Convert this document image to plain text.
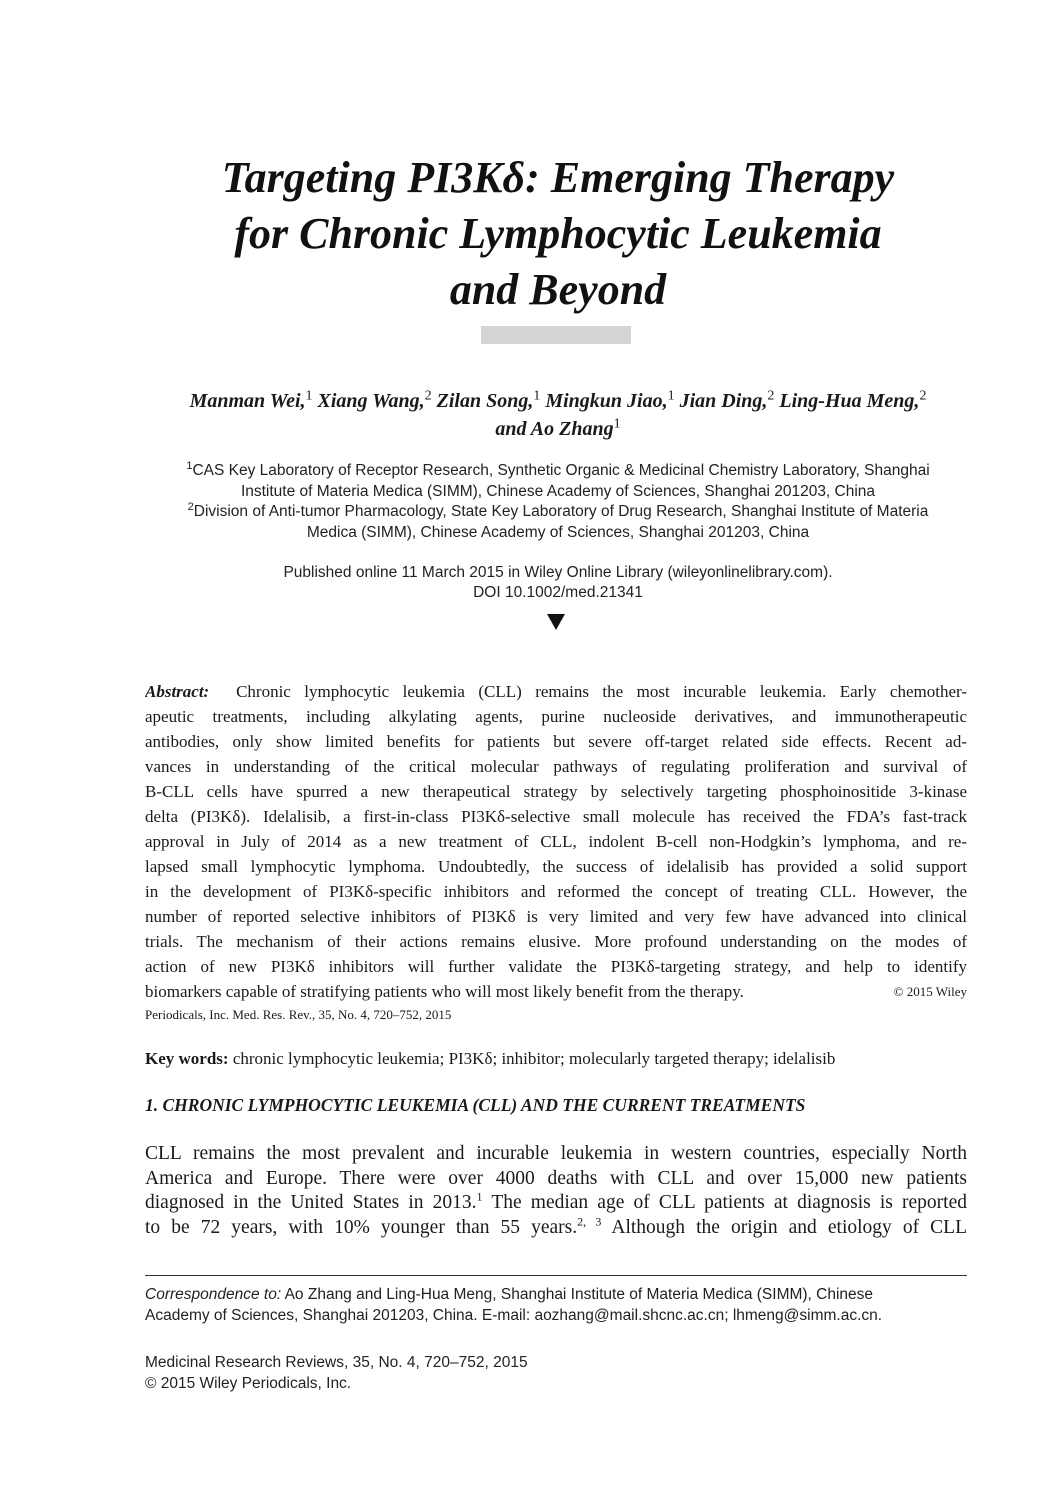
Targeting PI3Kδ: Emerging Therapy
for Chronic Lymphocytic Leukemia
and Beyond
Manman Wei,$^1$ Xiang Wang,$^2$ Zilan Song,$^1$ Mingkun Jiao,$^1$ Jian Ding,$^2$ Ling-Hua Meng,$^2$
and Ao Zhang$^1$
$^1$CAS Key Laboratory of Receptor Research, Synthetic Organic & Medicinal Chemistry Laboratory, Shanghai
Institute of Materia Medica (SIMM), Chinese Academy of Sciences, Shanghai 201203, China
$^2$Division of Anti-tumor Pharmacology, State Key Laboratory of Drug Research, Shanghai Institute of Materia
Medica (SIMM), Chinese Academy of Sciences, Shanghai 201203, China
Published online 11 March 2015 in Wiley Online Library (wileyonlinelibrary.com).
DOI 10.1002/med.21341
Abstract: Chronic lymphocytic leukemia (CLL) remains the most incurable leukemia. Early chemother-
apeutic treatments, including alkylating agents, purine nucleoside derivatives, and immunotherapeutic
antibodies, only show limited benefits for patients but severe off-target related side effects. Recent ad-
vances in understanding of the critical molecular pathways of regulating proliferation and survival of
B-CLL cells have spurred a new therapeutical strategy by selectively targeting phosphoinositide 3-kinase
delta (PI3Kδ). Idelalisib, a first-in-class PI3Kδ-selective small molecule has received the FDA’s fast-track
approval in July of 2014 as a new treatment of CLL, indolent B-cell non-Hodgkin’s lymphoma, and re-
lapsed small lymphocytic lymphoma. Undoubtedly, the success of idelalisib has provided a solid support
in the development of PI3Kδ-specific inhibitors and reformed the concept of treating CLL. However, the
number of reported selective inhibitors of PI3Kδ is very limited and very few have advanced into clinical
trials. The mechanism of their actions remains elusive. More profound understanding on the modes of
action of new PI3Kδ inhibitors will further validate the PI3Kδ-targeting strategy, and help to identify
biomarkers capable of stratifying patients who will most likely benefit from the therapy.	© 2015 Wiley
Periodicals, Inc. Med. Res. Rev., 35, No. 4, 720–752, 2015
Key words: chronic lymphocytic leukemia; PI3Kδ; inhibitor; molecularly targeted therapy; idelalisib
1. CHRONIC LYMPHOCYTIC LEUKEMIA (CLL) AND THE CURRENT TREATMENTS
CLL remains the most prevalent and incurable leukemia in western countries, especially North
America and Europe. There were over 4000 deaths with CLL and over 15,000 new patients
diagnosed in the United States in 2013.$^1$ The median age of CLL patients at diagnosis is reported
to be 72 years, with 10% younger than 55 years.$^{2, 3}$ Although the origin and etiology of CLL
Correspondence to: Ao Zhang and Ling-Hua Meng, Shanghai Institute of Materia Medica (SIMM), Chinese
Academy of Sciences, Shanghai 201203, China. E-mail: aozhang@mail.shcnc.ac.cn; lhmeng@simm.ac.cn.
Medicinal Research Reviews, 35, No. 4, 720–752, 2015
© 2015 Wiley Periodicals, Inc.
